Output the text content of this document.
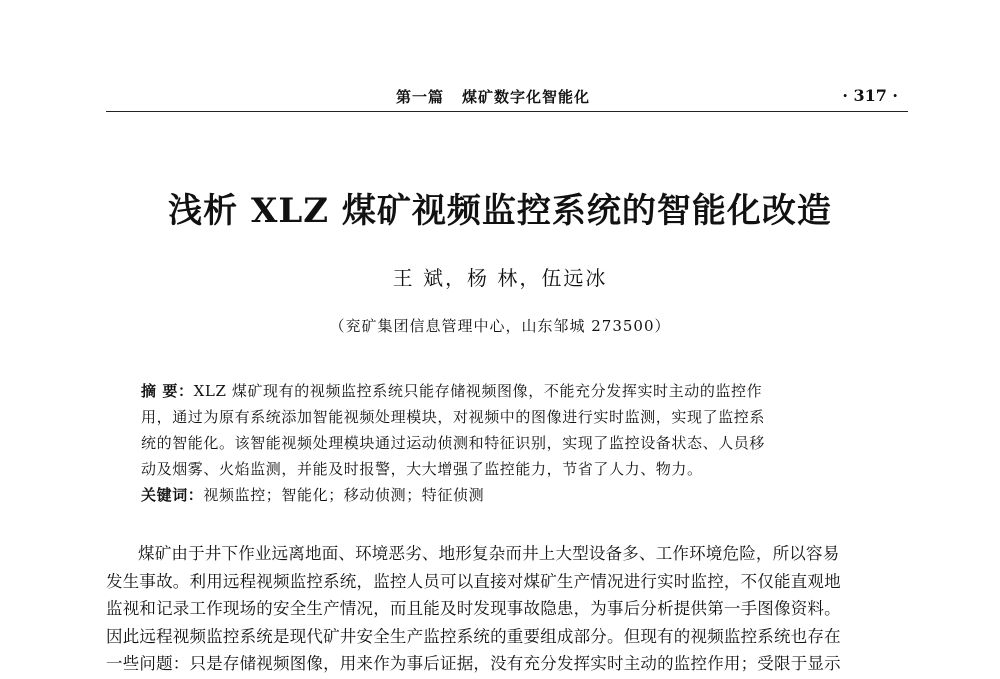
第一篇 煤矿数字化智能化	· 317 ·
浅析 XLZ 煤矿视频监控系统的智能化改造
王 斌，杨 林，伍远冰
（兖矿集团信息管理中心，山东邹城 273500）
摘 要：XLZ 煤矿现有的视频监控系统只能存储视频图像，不能充分发挥实时主动的监控作
用，通过为原有系统添加智能视频处理模块，对视频中的图像进行实时监测，实现了监控系
统的智能化。该智能视频处理模块通过运动侦测和特征识别，实现了监控设备状态、人员移
动及烟雾、火焰监测，并能及时报警，大大增强了监控能力，节省了人力、物力。
关键词：视频监控；智能化；移动侦测；特征侦测
煤矿由于井下作业远离地面、环境恶劣、地形复杂而井上大型设备多、工作环境危险，所以容易
发生事故。利用远程视频监控系统，监控人员可以直接对煤矿生产情况进行实时监控，不仅能直观地
监视和记录工作现场的安全生产情况，而且能及时发现事故隐患，为事后分析提供第一手图像资料。
因此远程视频监控系统是现代矿井安全生产监控系统的重要组成部分。但现有的视频监控系统也存在
一些问题：只是存储视频图像，用来作为事后证据，没有充分发挥实时主动的监控作用；受限于显示
